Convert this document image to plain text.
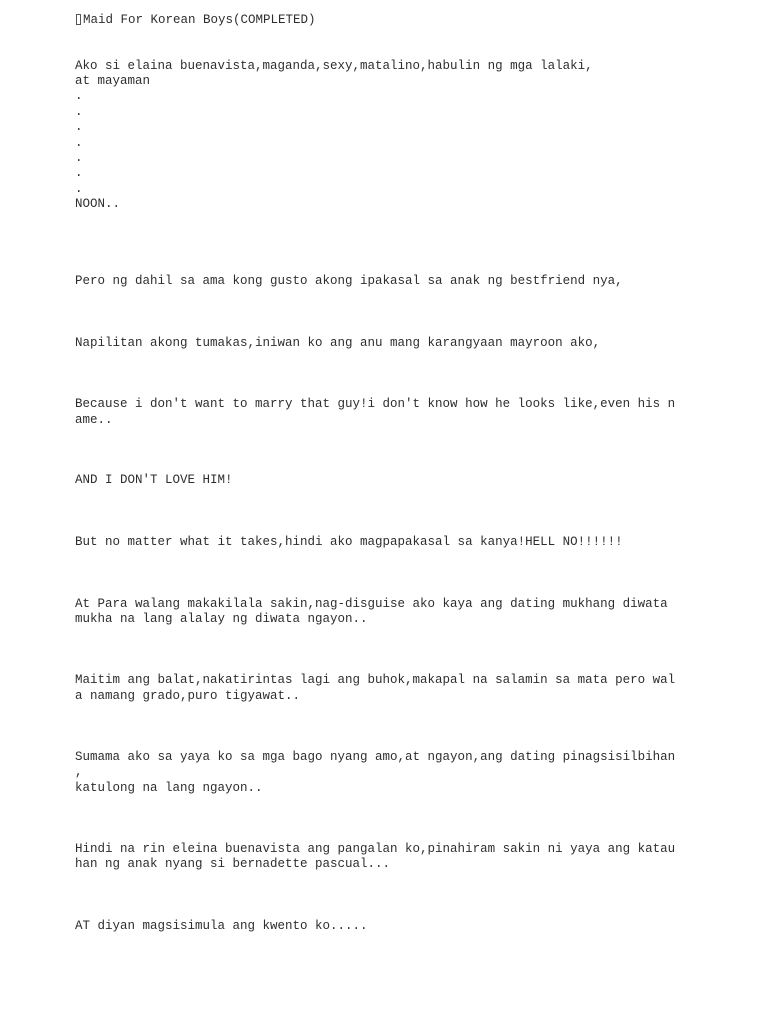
Maid For Korean Boys(COMPLETED)

Ako si elaina buenavista,maganda,sexy,matalino,habulin ng mga lalaki,

at mayaman

.

.

.

.

.

.

.

NOON..

Pero ng dahil sa ama kong gusto akong ipakasal sa anak ng bestfriend nya,

Napilitan akong tumakas,iniwan ko ang anu mang karangyaan mayroon ako,

Because i don't want to marry that guy!i don't know how he looks like,even his n

ame..

AND I DON'T LOVE HIM!

But no matter what it takes,hindi ako magpapakasal sa kanya!HELL NO!!!!!!

At Para walang makakilala sakin,nag-disguise ako kaya ang dating mukhang diwata

mukha na lang alalay ng diwata ngayon..

Maitim ang balat,nakatirintas lagi ang buhok,makapal na salamin sa mata pero wal

a namang grado,puro tigyawat..

Sumama ako sa yaya ko sa mga bago nyang amo,at ngayon,ang dating pinagsisilbihan

,

katulong na lang ngayon..

Hindi na rin eleina buenavista ang pangalan ko,pinahiram sakin ni yaya ang katau

han ng anak nyang si bernadette pascual...

AT diyan magsisimula ang kwento ko.....
